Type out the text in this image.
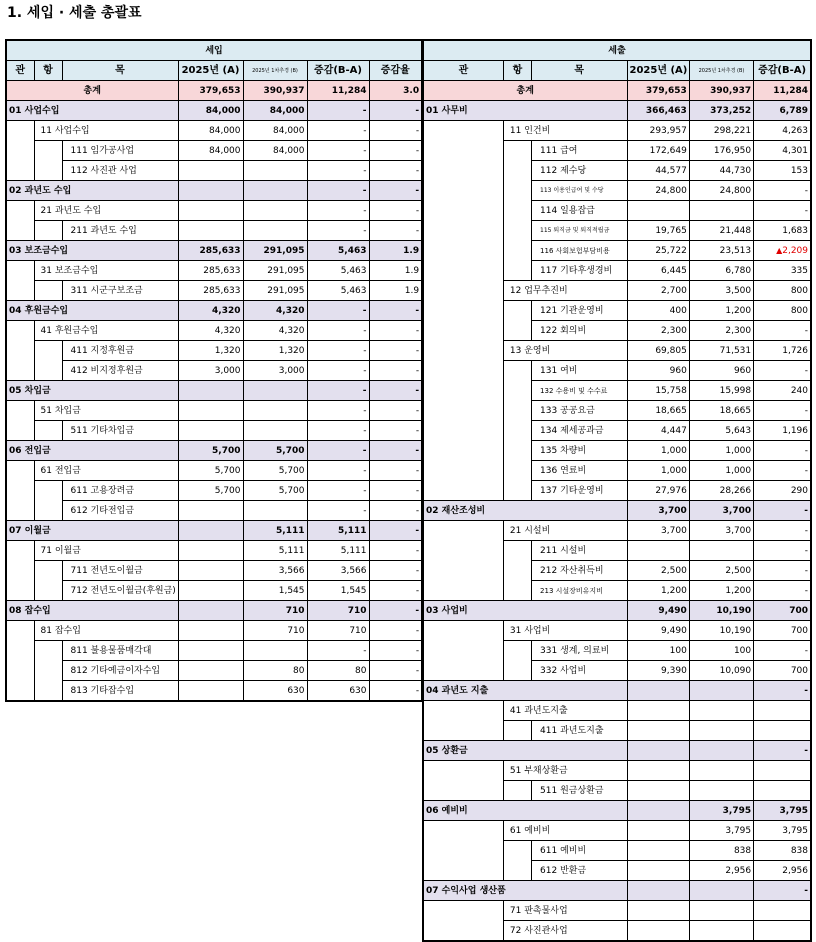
1. 세입 · 세출 총괄표
세입						
관	항	목	2025년 (A)	2025년 1차추경 (B)	증감(B-A)	증감율
총계			379,653	390,937	11,284	3.0
01 사업수입			84,000	84,000	-	-
	11 사업수입		84,000	84,000	-	-
		111 임가공사업	84,000	84,000	-	-
		112 사진관 사업			-	-
02 과년도 수입					-	-
	21 과년도 수입				-	-
		211 과년도 수입			-	-
03 보조금수입			285,633	291,095	5,463	1.9
	31 보조금수입		285,633	291,095	5,463	1.9
		311 시군구보조금	285,633	291,095	5,463	1.9
04 후원금수입			4,320	4,320	-	-
	41 후원금수입		4,320	4,320	-	-
		411 지정후원금	1,320	1,320	-	-
		412 비지정후원금	3,000	3,000	-	-
05 차입금					-	-
	51 차입금				-	-
		511 기타차입금			-	-
06 전입금			5,700	5,700	-	-
	61 전입금		5,700	5,700	-	-
		611 고용장려금	5,700	5,700	-	-
		612 기타전입금			-	-
07 이월금				5,111	5,111	-
	71 이월금			5,111	5,111	-
		711 전년도이월금		3,566	3,566	-
		712 전년도이월금(후원금)		1,545	1,545	-
08 잡수입				710	710	-
	81 잡수입			710	710	-
		811 불용물품매각대			-	-
		812 기타예금이자수입		80	80	-
		813 기타잡수입		630	630	-
세출					
관	항	목	2025년 (A)	2025년 1차추경 (B)	증감(B-A)
총계			379,653	390,937	11,284
01 사무비			366,463	373,252	6,789
	11 인건비		293,957	298,221	4,263
		111 급여	172,649	176,950	4,301
		112 제수당	44,577	44,730	153
		113 이용인급여 및 수당	24,800	24,800	-
		114 일용잡급			-
		115 퇴직금 및 퇴직적립금	19,765	21,448	1,683
		116 사회보험부담비용	25,722	23,513	▲ 2,209
		117 기타후생경비	6,445	6,780	335
	12 업무추진비		2,700	3,500	800
		121 기관운영비	400	1,200	800
		122 회의비	2,300	2,300	-
	13 운영비		69,805	71,531	1,726
		131 여비	960	960	-
		132 수용비 및 수수료	15,758	15,998	240
		133 공공요금	18,665	18,665	-
		134 제세공과금	4,447	5,643	1,196
		135 차량비	1,000	1,000	-
		136 연료비	1,000	1,000	-
		137 기타운영비	27,976	28,266	290
02 재산조성비			3,700	3,700	-
	21 시설비		3,700	3,700	-
		211 시설비			-
		212 자산취득비	2,500	2,500	-
		213 시설장비유지비	1,200	1,200	-
03 사업비			9,490	10,190	700
	31 사업비		9,490	10,190	700
		331 생계, 의료비	100	100	-
		332 사업비	9,390	10,090	700
04 과년도 지출					-
	41 과년도지출				
		411 과년도지출			
05 상환금					-
	51 부채상환금				
		511 원금상환금			
06 예비비				3,795	3,795
	61 예비비			3,795	3,795
		611 예비비		838	838
		612 반환금		2,956	2,956
07 수익사업 생산품					-
	71 판촉물사업				
	72 사진관사업				
